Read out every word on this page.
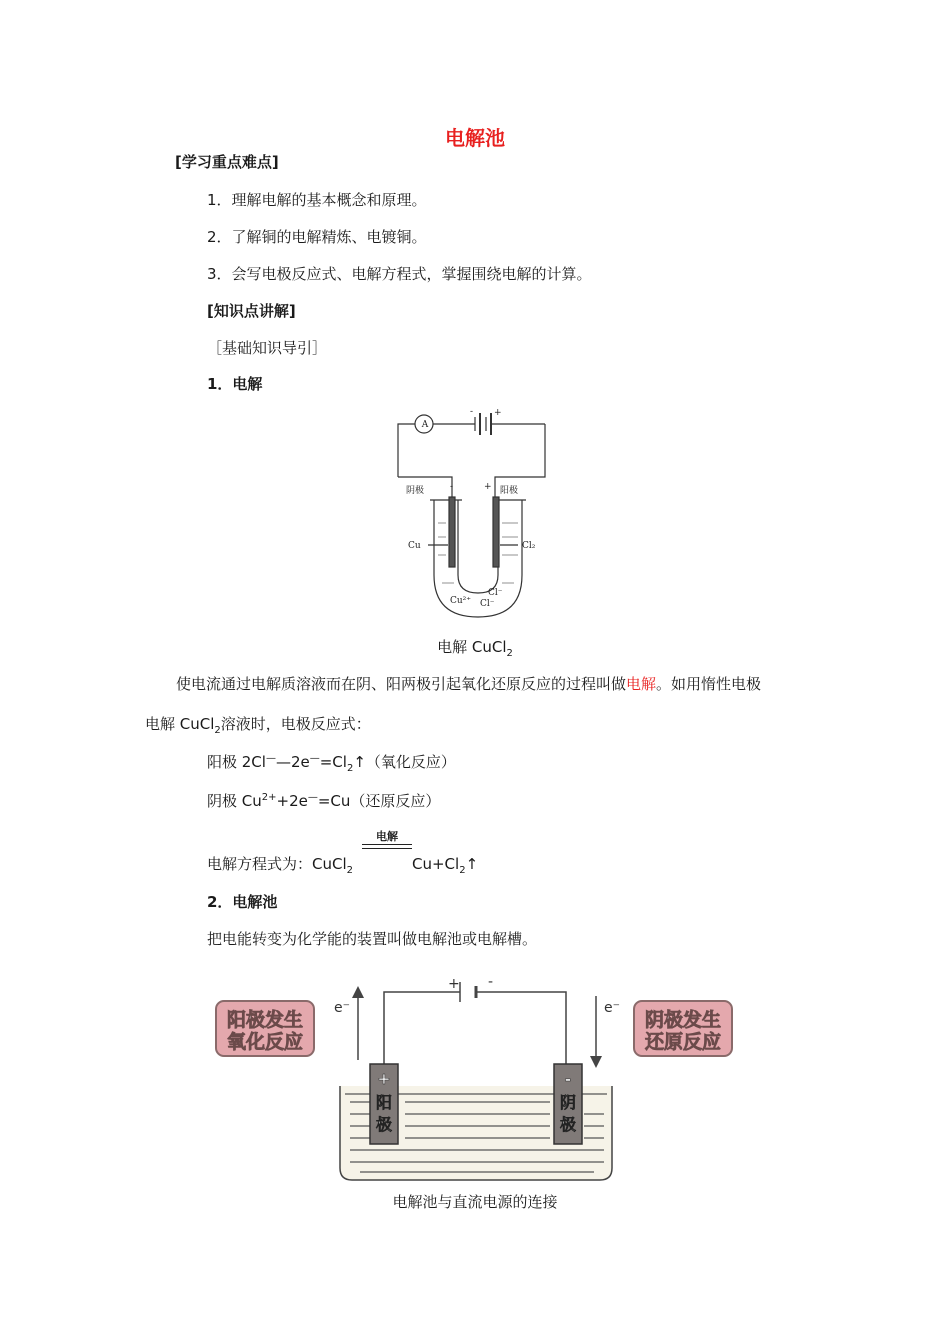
电解池
[学习重点难点]
1．理解电解的基本概念和原理。
2．了解铜的电解精炼、电镀铜。
3．会写电极反应式、电解方程式，掌握围绕电解的计算。
[知识点讲解]
［基础知识导引］
1．电解
A
- +
阴极	-	+ 阳极
Cu	Cl₂
Cl⁻
Cu²⁺ Cl⁻
电解 CuCl$_2$
使电流通过电解质溶液而在阴、阳两极引起氧化还原反应的过程叫做电解。如用惰性电极
电解 CuCl$_2$溶液时，电极反应式：
阳极 $2Cl^——2e^—=Cl_2↑$（氧化反应）
阴极 $Cu^{2+}+2e^—=Cu$（还原反应）
电解
电解方程式为：CuCl$_2$	$Cu+Cl_2↑$
2．电解池
把电能转变为化学能的装置叫做电解池或电解槽。
阳极发生
氧化反应
阴极发生
还原反应
+ -
e⁻	e⁻
+
阳
极
-
阴
极
电解池与直流电源的连接
